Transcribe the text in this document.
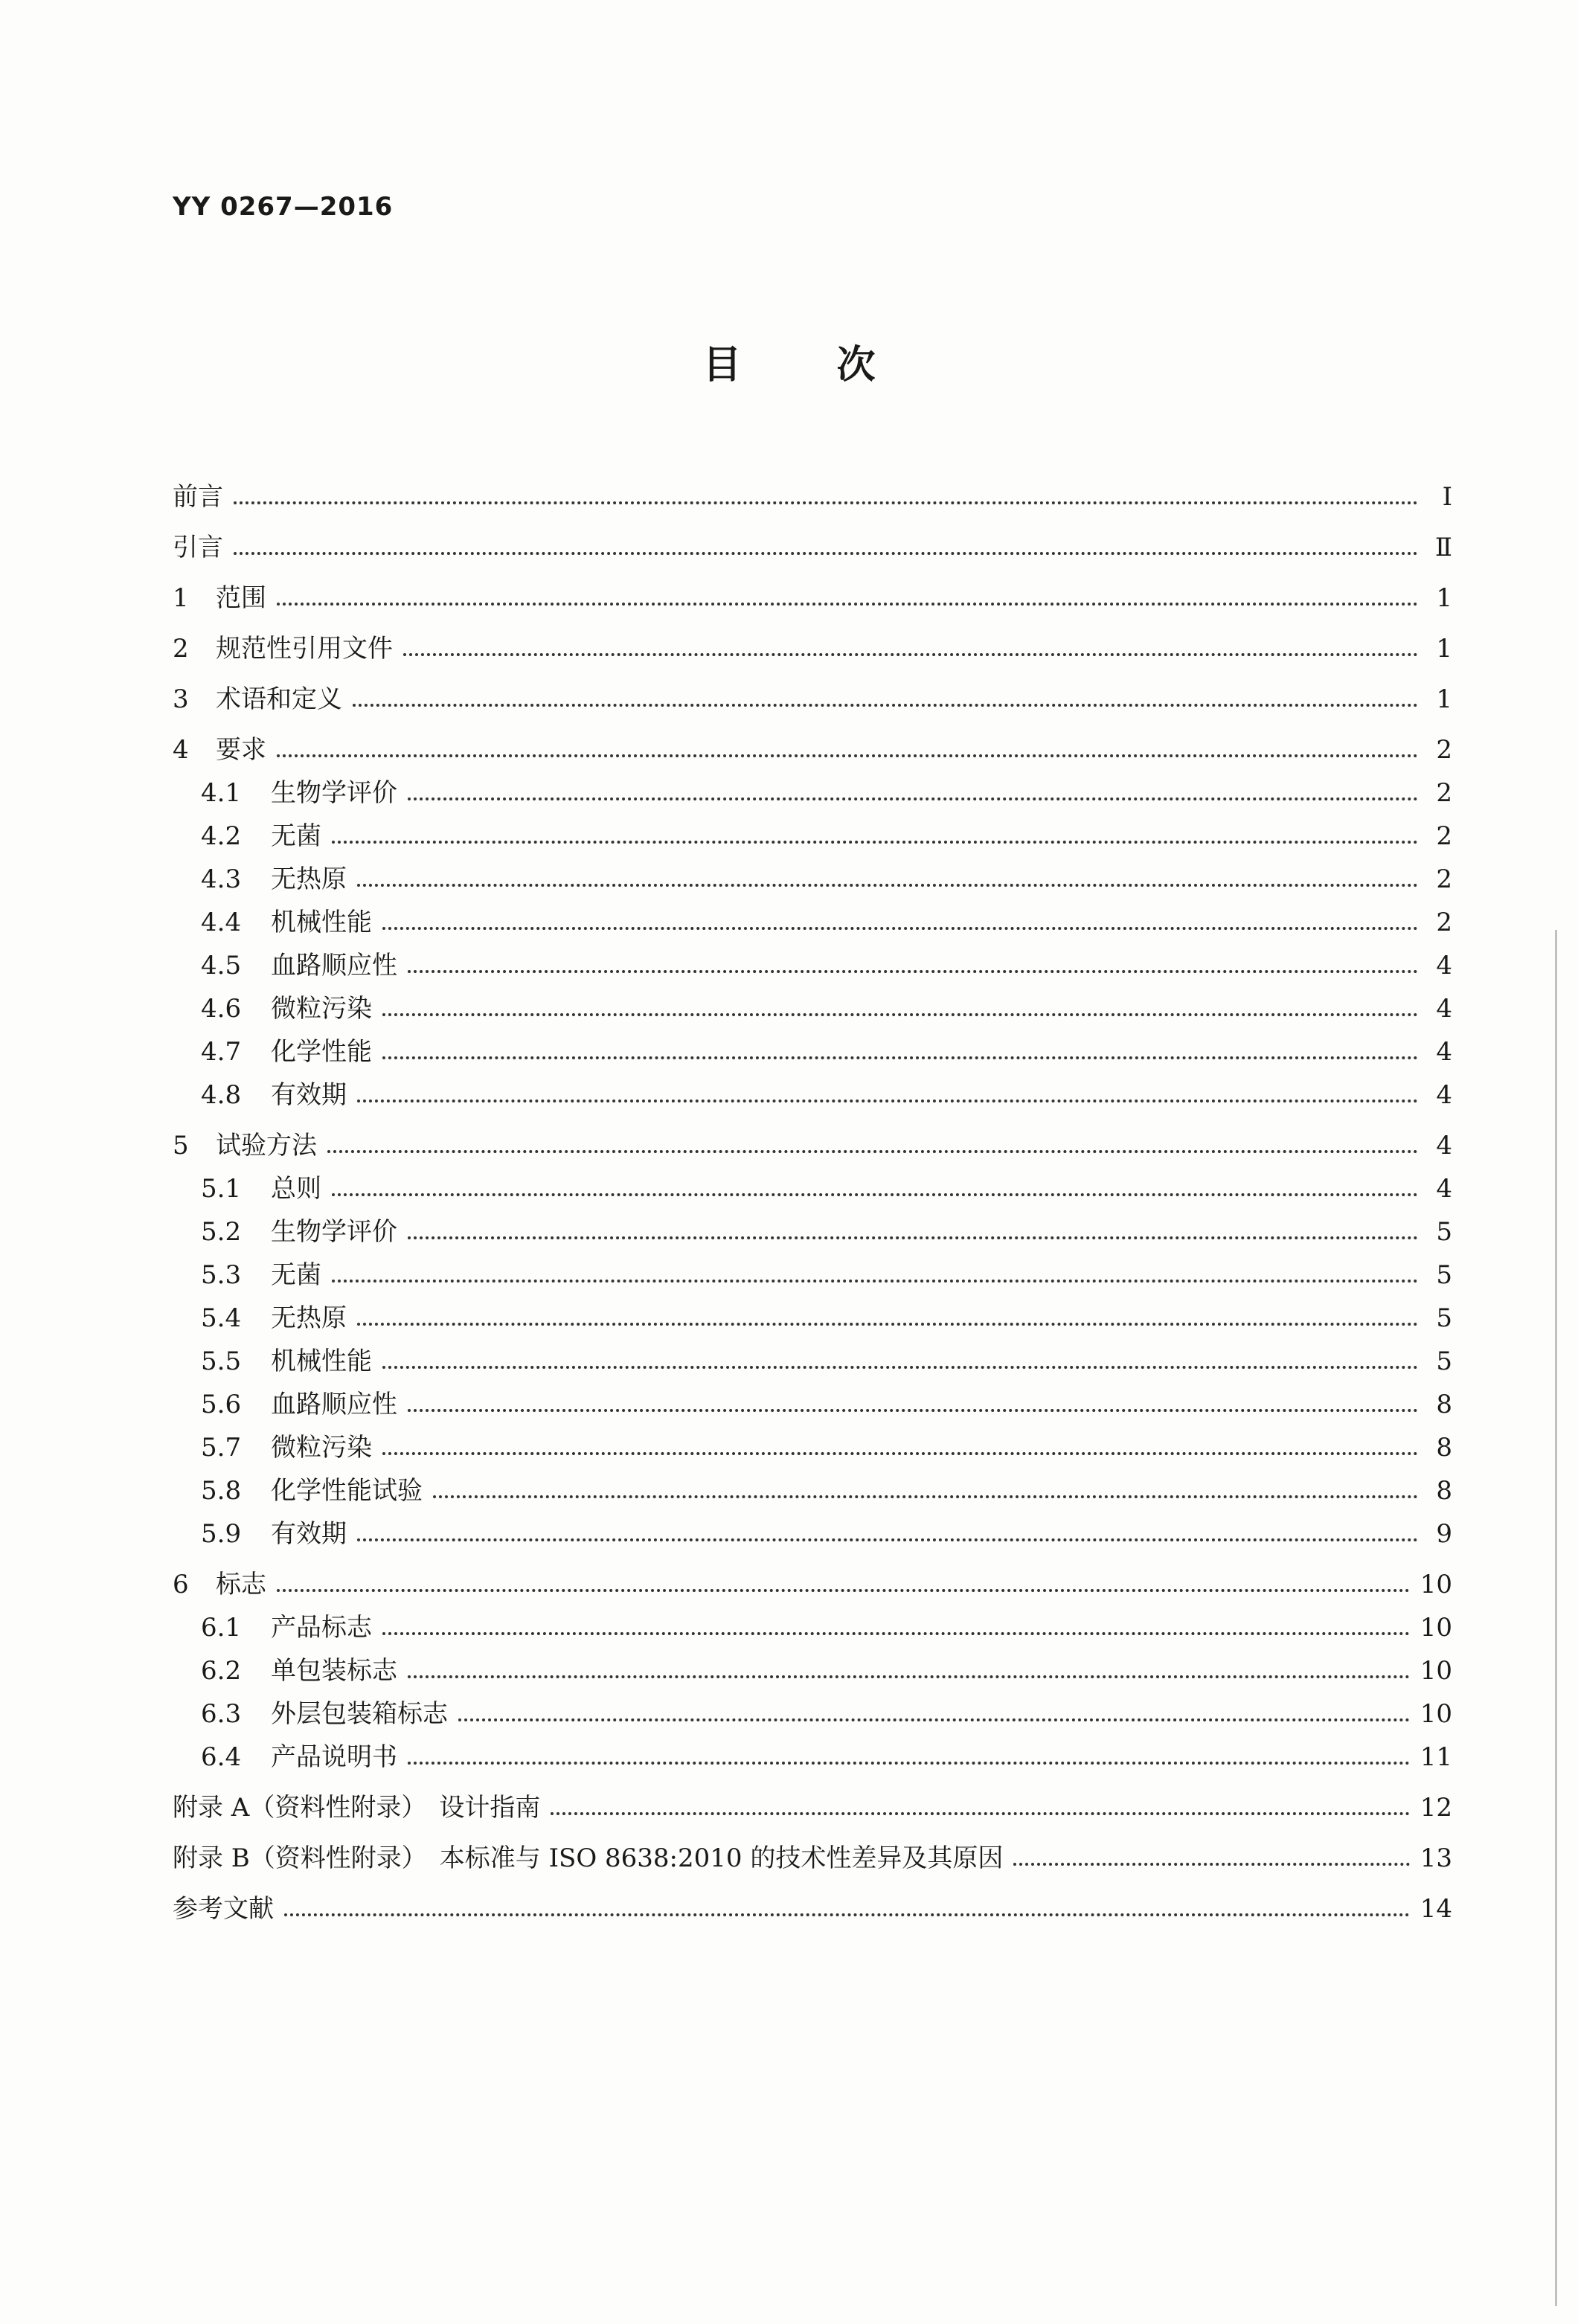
YY 0267—2016
目 次
前言	Ⅰ
引言	Ⅱ
1	范围	1
2	规范性引用文件	1
3	术语和定义	1
4	要求	2
4.1	生物学评价	2
4.2	无菌	2
4.3	无热原	2
4.4	机械性能	2
4.5	血路顺应性	4
4.6	微粒污染	4
4.7	化学性能	4
4.8	有效期	4
5	试验方法	4
5.1	总则	4
5.2	生物学评价	5
5.3	无菌	5
5.4	无热原	5
5.5	机械性能	5
5.6	血路顺应性	8
5.7	微粒污染	8
5.8	化学性能试验	8
5.9	有效期	9
6	标志	10
6.1	产品标志	10
6.2	单包装标志	10
6.3	外层包装箱标志	10
6.4	产品说明书	11
附录 A（资料性附录）　设计指南	12
附录 B（资料性附录）　本标准与 ISO 8638:2010 的技术性差异及其原因	13
参考文献	14
